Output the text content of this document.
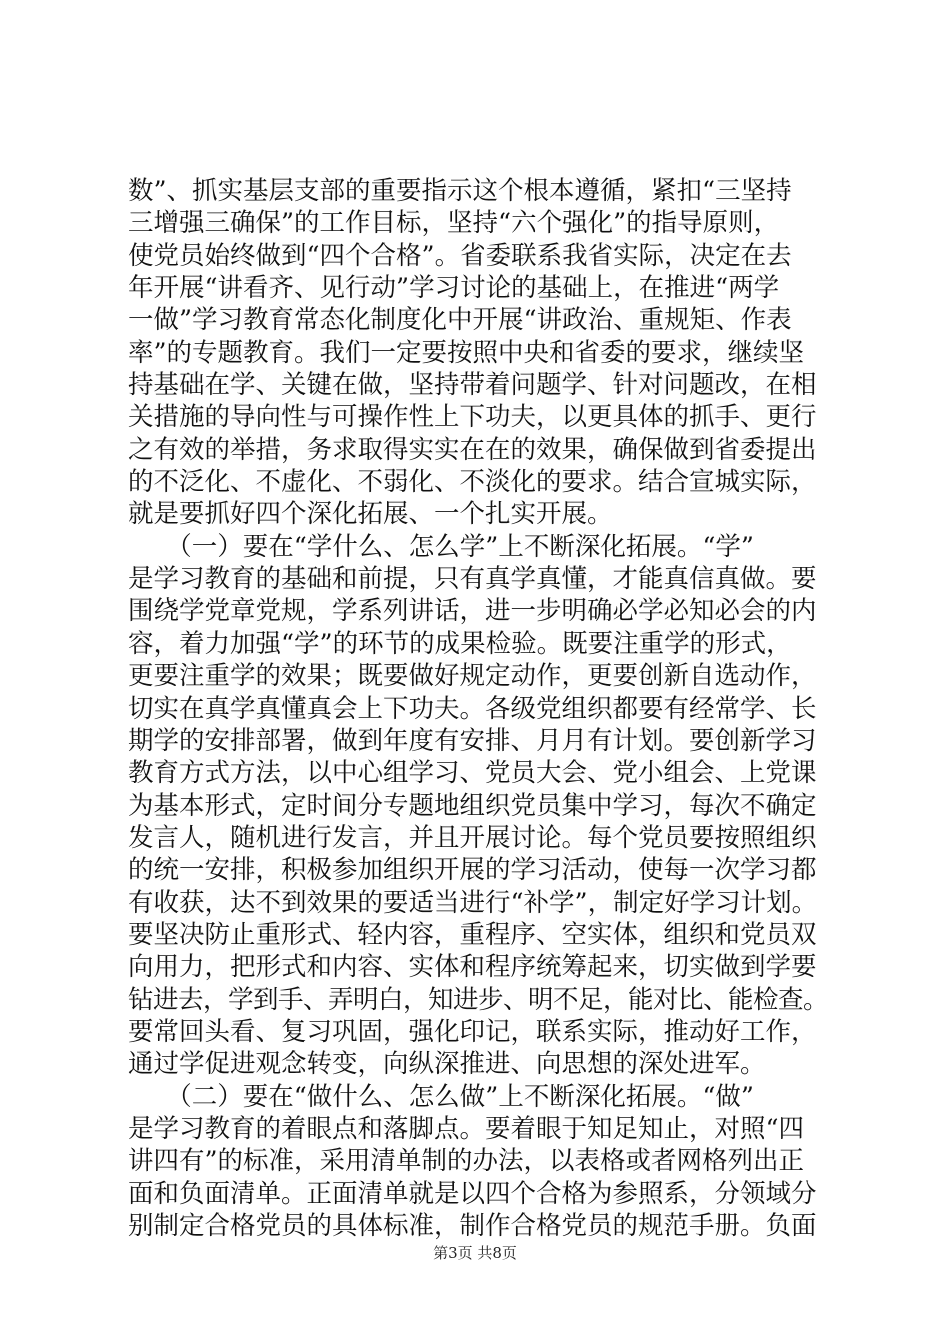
数”、抓实基层支部的重要指示这个根本遵循，紧扣“三坚持
三增强三确保”的工作目标，坚持“六个强化”的指导原则，
使党员始终做到“四个合格”。省委联系我省实际，决定在去
年开展“讲看齐、见行动”学习讨论的基础上，在推进“两学
一做”学习教育常态化制度化中开展“讲政治、重规矩、作表
率”的专题教育。我们一定要按照中央和省委的要求，继续坚
持基础在学、关键在做，坚持带着问题学、针对问题改，在相
关措施的导向性与可操作性上下功夫，以更具体的抓手、更行
之有效的举措，务求取得实实在在的效果，确保做到省委提出
的不泛化、不虚化、不弱化、不淡化的要求。结合宣城实际，
就是要抓好四个深化拓展、一个扎实开展。
　　（一）要在“学什么、怎么学”上不断深化拓展。“学”
是学习教育的基础和前提，只有真学真懂，才能真信真做。要
围绕学党章党规，学系列讲话，进一步明确必学必知必会的内
容，着力加强“学”的环节的成果检验。既要注重学的形式，
更要注重学的效果；既要做好规定动作，更要创新自选动作，
切实在真学真懂真会上下功夫。各级党组织都要有经常学、长
期学的安排部署，做到年度有安排、月月有计划。要创新学习
教育方式方法，以中心组学习、党员大会、党小组会、上党课
为基本形式，定时间分专题地组织党员集中学习，每次不确定
发言人，随机进行发言，并且开展讨论。每个党员要按照组织
的统一安排，积极参加组织开展的学习活动，使每一次学习都
有收获，达不到效果的要适当进行“补学”，制定好学习计划。
要坚决防止重形式、轻内容，重程序、空实体，组织和党员双
向用力，把形式和内容、实体和程序统筹起来，切实做到学要
钻进去，学到手、弄明白，知进步、明不足，能对比、能检查。
要常回头看、复习巩固，强化印记，联系实际，推动好工作，
通过学促进观念转变，向纵深推进、向思想的深处进军。
　　（二）要在“做什么、怎么做”上不断深化拓展。“做”
是学习教育的着眼点和落脚点。要着眼于知足知止，对照“四
讲四有”的标准，采用清单制的办法，以表格或者网格列出正
面和负面清单。正面清单就是以四个合格为参照系，分领域分
别制定合格党员的具体标准，制作合格党员的规范手册。负面
第3页 共8页
